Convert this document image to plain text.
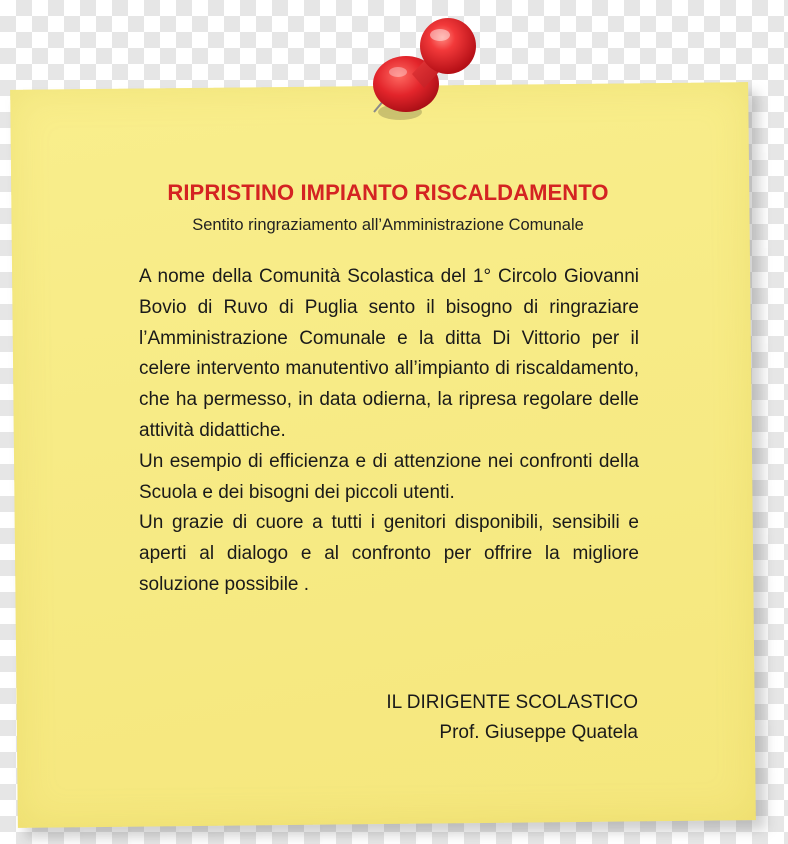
RIPRISTINO IMPIANTO RISCALDAMENTO
Sentito ringraziamento all’Amministrazione Comunale

A nome della Comunità Scolastica del 1° Circolo Giovanni Bovio di Ruvo di Puglia sento il bisogno di ringraziare l’Amministrazione Comunale e la ditta Di Vittorio per il celere intervento manutentivo all’impianto di riscaldamento, che ha permesso, in data odierna, la ripresa regolare delle attività didattiche.

Un esempio di efficienza e di attenzione nei confronti della Scuola e dei bisogni dei piccoli utenti.

Un grazie di cuore a tutti i genitori disponibili, sensibili e aperti al dialogo e al confronto per offrire la migliore soluzione possibile .

IL DIRIGENTE SCOLASTICO
Prof. Giuseppe Quatela
